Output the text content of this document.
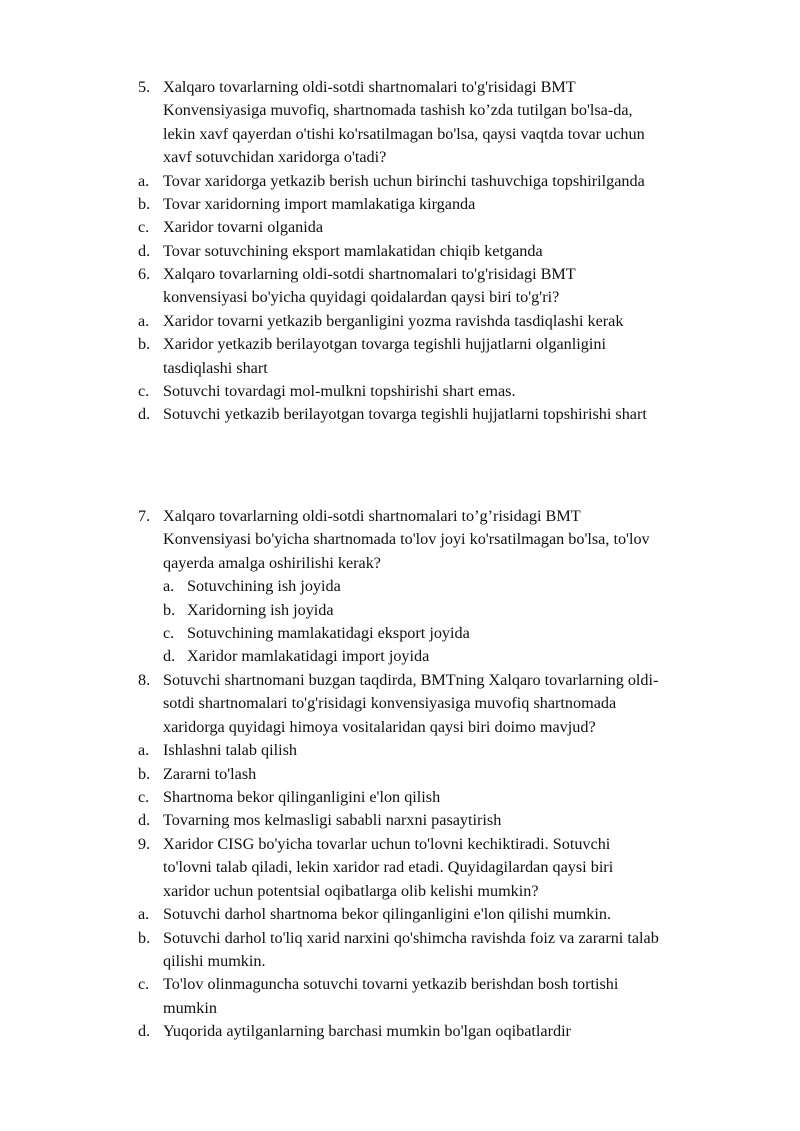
5. Xalqaro tovarlarning oldi-sotdi shartnomalari to'g'risidagi BMT
Konvensiyasiga muvofiq, shartnomada tashish ko’zda tutilgan bo'lsa-da,
lekin xavf qayerdan o'tishi ko'rsatilmagan bo'lsa, qaysi vaqtda tovar uchun
xavf sotuvchidan xaridorga o'tadi?
a. Tovar xaridorga yetkazib berish uchun birinchi tashuvchiga topshirilganda
b. Tovar xaridorning import mamlakatiga kirganda
c. Xaridor tovarni olganida
d. Tovar sotuvchining eksport mamlakatidan chiqib ketganda
6. Xalqaro tovarlarning oldi-sotdi shartnomalari to'g'risidagi BMT
konvensiyasi bo'yicha quyidagi qoidalardan qaysi biri to'g'ri?
a. Xaridor tovarni yetkazib berganligini yozma ravishda tasdiqlashi kerak
b. Xaridor yetkazib berilayotgan tovarga tegishli hujjatlarni olganligini
tasdiqlashi shart
c. Sotuvchi tovardagi mol-mulkni topshirishi shart emas.
d. Sotuvchi yetkazib berilayotgan tovarga tegishli hujjatlarni topshirishi shart
7. Xalqaro tovarlarning oldi-sotdi shartnomalari to’g’risidagi BMT
Konvensiyasi bo'yicha shartnomada to'lov joyi ko'rsatilmagan bo'lsa, to'lov
qayerda amalga oshirilishi kerak?
a. Sotuvchining ish joyida
b. Xaridorning ish joyida
c. Sotuvchining mamlakatidagi eksport joyida
d. Xaridor mamlakatidagi import joyida
8. Sotuvchi shartnomani buzgan taqdirda, BMTning Xalqaro tovarlarning oldi-
sotdi shartnomalari to'g'risidagi konvensiyasiga muvofiq shartnomada
xaridorga quyidagi himoya vositalaridan qaysi biri doimo mavjud?
a. Ishlashni talab qilish
b. Zararni to'lash
c. Shartnoma bekor qilinganligini e'lon qilish
d. Tovarning mos kelmasligi sababli narxni pasaytirish
9. Xaridor CISG bo'yicha tovarlar uchun to'lovni kechiktiradi. Sotuvchi
to'lovni talab qiladi, lekin xaridor rad etadi. Quyidagilardan qaysi biri
xaridor uchun potentsial oqibatlarga olib kelishi mumkin?
a. Sotuvchi darhol shartnoma bekor qilinganligini e'lon qilishi mumkin.
b. Sotuvchi darhol to'liq xarid narxini qo'shimcha ravishda foiz va zararni talab
qilishi mumkin.
c. To'lov olinmaguncha sotuvchi tovarni yetkazib berishdan bosh tortishi
mumkin
d. Yuqorida aytilganlarning barchasi mumkin bo'lgan oqibatlardir
